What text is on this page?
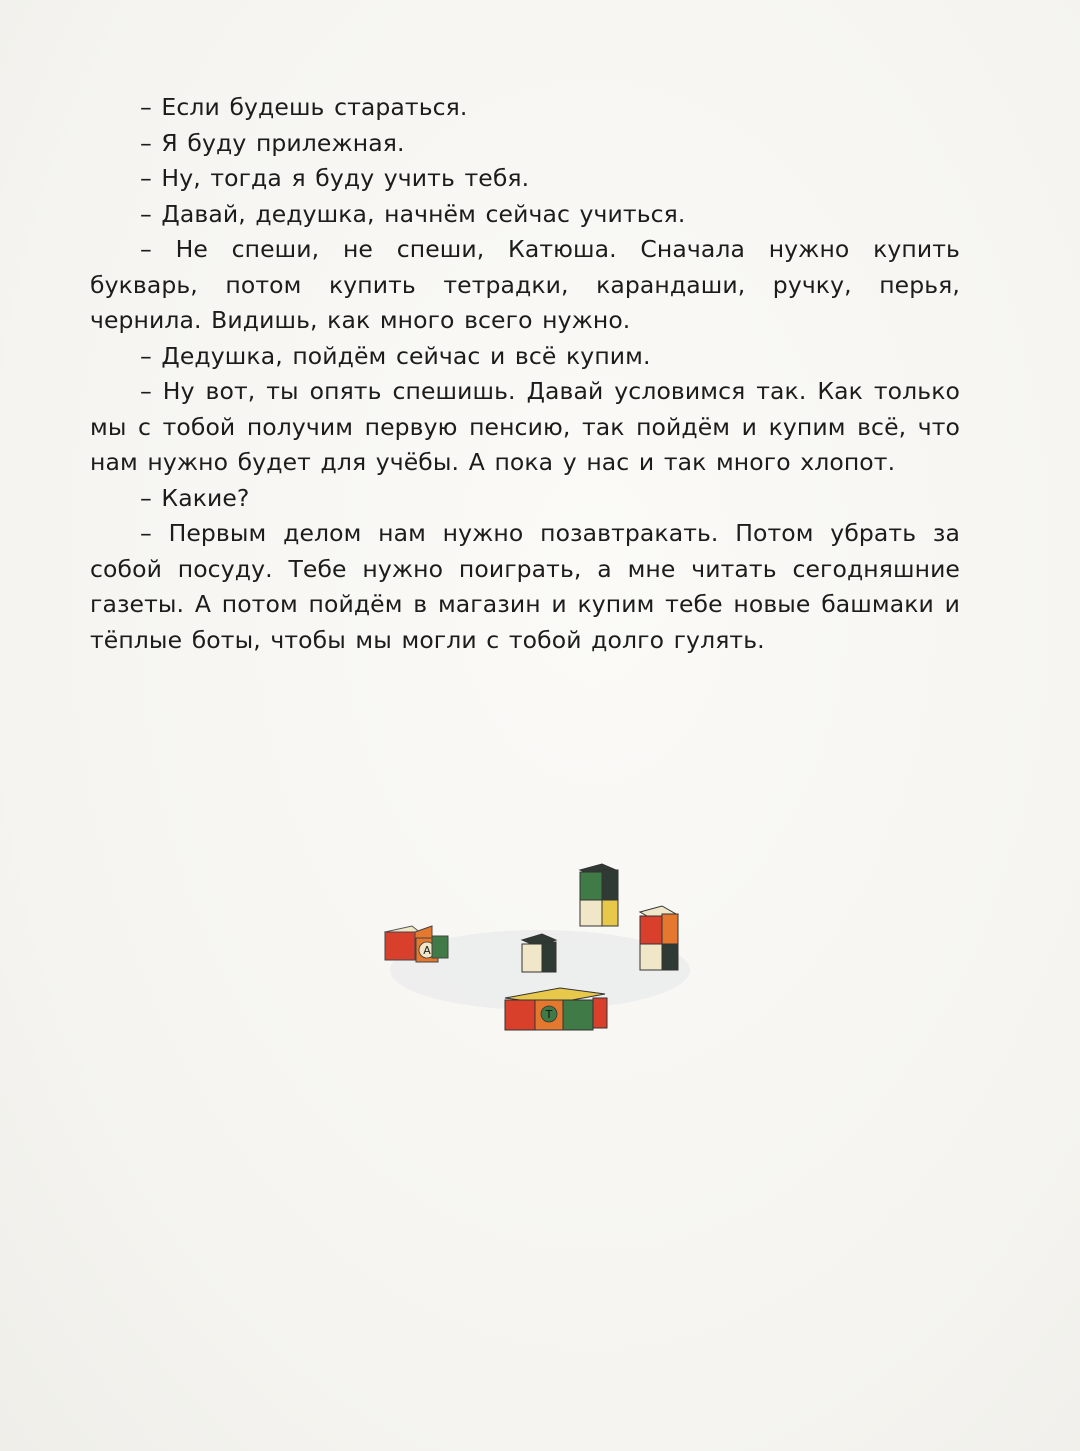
– Если будешь стараться.

– Я буду прилежная.

– Ну, тогда я буду учить тебя.

– Давай, дедушка, начнём сейчас учиться.

– Не спеши, не спеши, Катюша. Сначала нужно купить букварь, потом купить тетрадки, карандаши, ручку, перья, чернила. Видишь, как много всего нужно.

– Дедушка, пойдём сейчас и всё купим.

– Ну вот, ты опять спешишь. Давай условимся так. Как только мы с тобой получим первую пенсию, так пойдём и купим всё, что нам нужно будет для учёбы. А пока у нас и так много хлопот.

– Какие?

– Первым делом нам нужно позавтракать. Потом убрать за собой посуду. Тебе нужно поиграть, а мне читать сегодняшние газеты. А потом пойдём в магазин и купим тебе новые башмаки и тёплые боты, чтобы мы могли с тобой долго гулять.

А
Т
